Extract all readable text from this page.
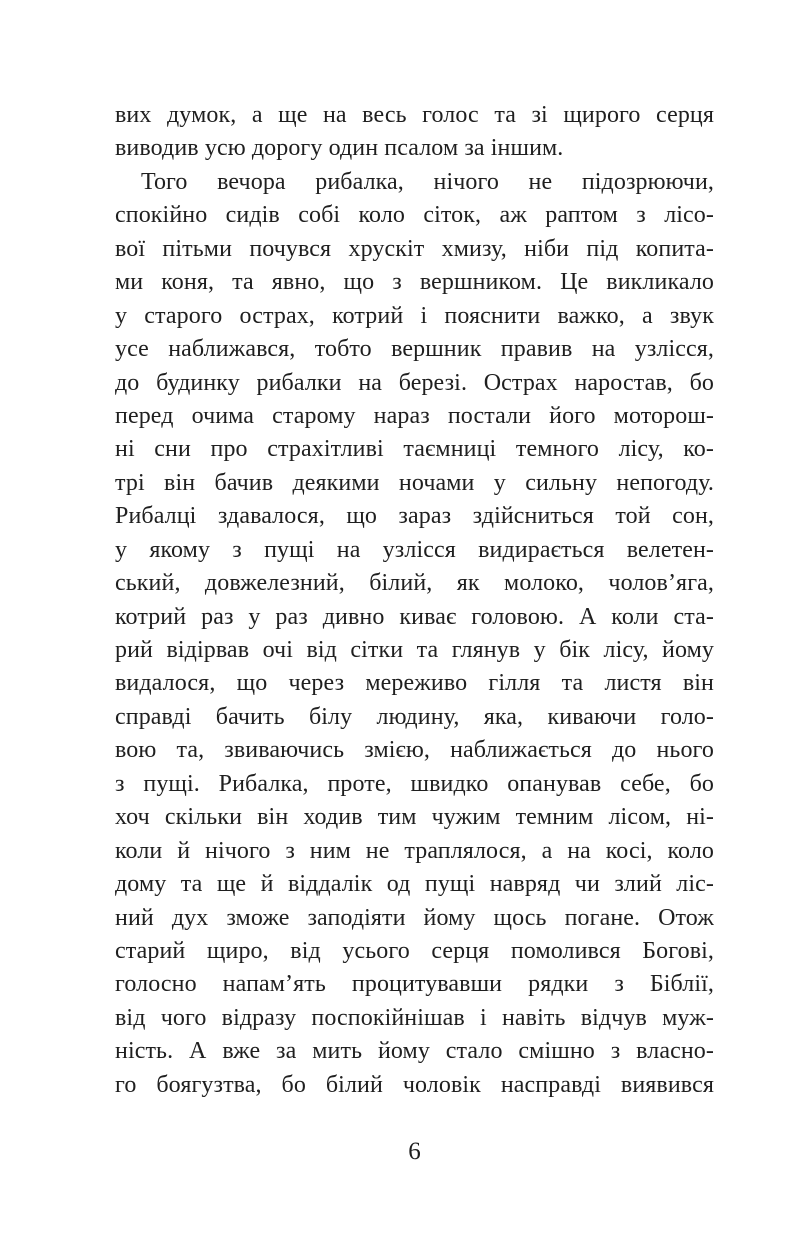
вих думок, а ще на весь голос та зі щирого серця
виводив усю дорогу один псалом за іншим.
Того вечора рибалка, нічого не підозрюючи,
спокійно сидів собі коло сіток, аж раптом з лісо-
вої пітьми почувся хрускіт хмизу, ніби під копита-
ми коня, та явно, що з вершником. Це викликало
у старого острах, котрий і пояснити важко, а звук
усе наближався, тобто вершник правив на узлісся,
до будинку рибалки на березі. Острах наростав, бо
перед очима старому нараз постали його моторош-
ні сни про страхітливі таємниці темного лісу, ко-
трі він бачив деякими ночами у сильну непогоду.
Рибалці здавалося, що зараз здійсниться той сон,
у якому з пущі на узлісся видирається велетен-
ський, довжелезний, білий, як молоко, чолов’яга,
котрий раз у раз дивно киває головою. А коли ста-
рий відірвав очі від сітки та глянув у бік лісу, йому
видалося, що через мереживо гілля та листя він
справді бачить білу людину, яка, киваючи голо-
вою та, звиваючись змією, наближається до нього
з пущі. Рибалка, проте, швидко опанував себе, бо
хоч скільки він ходив тим чужим темним лісом, ні-
коли й нічого з ним не траплялося, а на косі, коло
дому та ще й віддалік од пущі навряд чи злий ліс-
ний дух зможе заподіяти йому щось погане. Отож
старий щиро, від усього серця помолився Богові,
голосно напам’ять процитувавши рядки з Біблії,
від чого відразу поспокійнішав і навіть відчув муж-
ність. А вже за мить йому стало смішно з власно-
го боягузтва, бо білий чоловік насправді виявився
6
